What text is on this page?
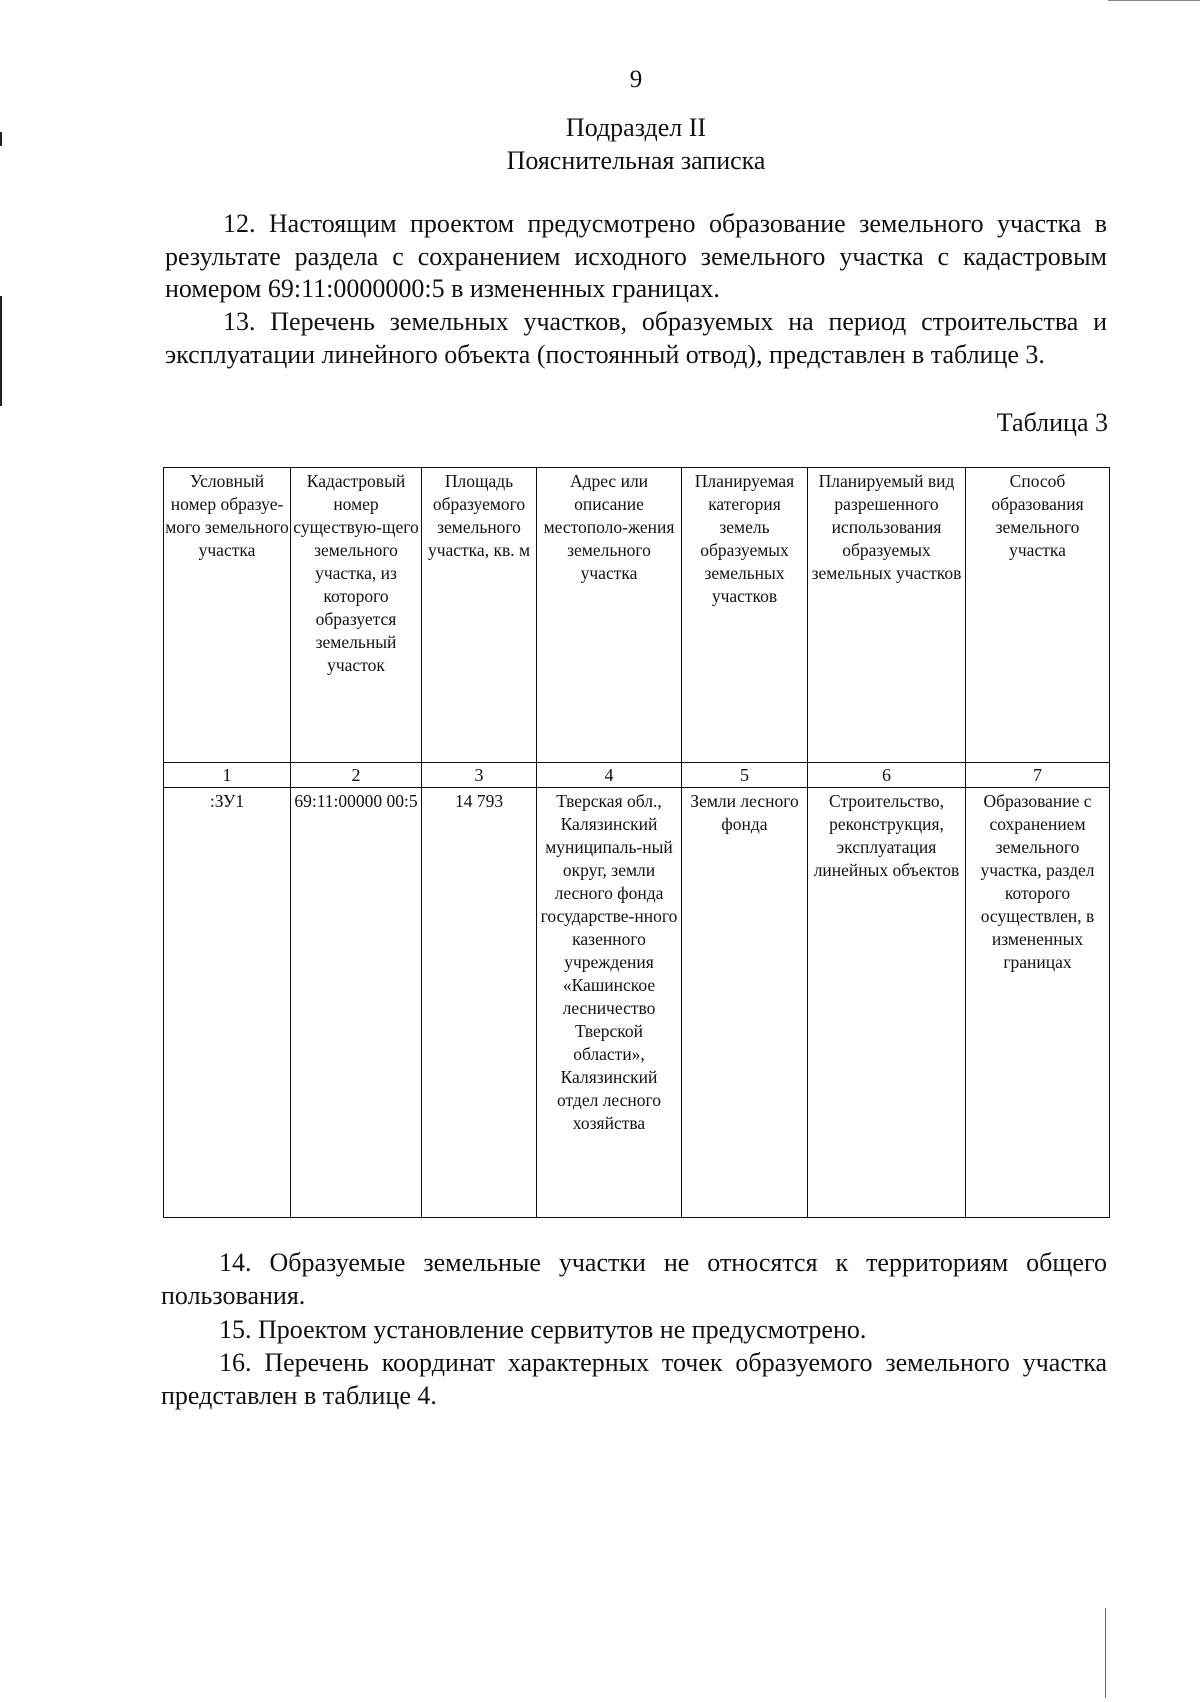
9
Подраздел II
Пояснительная записка
12. Настоящим проектом предусмотрено образование земельного участка в результате раздела с сохранением исходного земельного участка с кадастровым номером 69:11:0000000:5 в измененных границах.
13. Перечень земельных участков, образуемых на период строительства и эксплуатации линейного объекта (постоянный отвод), представлен в таблице 3.
Таблица 3
Условный номер образуе-мого земельного участка	Кадастровый номер существую-щего земельного участка, из которого образуется земельный участок	Площадь образуемого земельного участка, кв. м	Адрес или описание местополо-жения земельного участка	Планируемая категория земель образуемых земельных участков	Планируемый вид разрешенного использования образуемых земельных участков	Способ образования земельного участка
1	2	3	4	5	6	7
:ЗУ1	69:11:00000 00:5	14 793	Тверская обл., Калязинский муниципаль-ный округ, земли лесного фонда государстве-нного казенного учреждения «Кашинское лесничество Тверской области», Калязинский отдел лесного хозяйства	Земли лесного фонда	Строительство, реконструкция, эксплуатация линейных объектов	Образование с сохранением земельного участка, раздел которого осуществлен, в измененных границах
14. Образуемые земельные участки не относятся к территориям общего пользования.
15. Проектом установление сервитутов не предусмотрено.
16. Перечень координат характерных точек образуемого земельного участка представлен в таблице 4.
